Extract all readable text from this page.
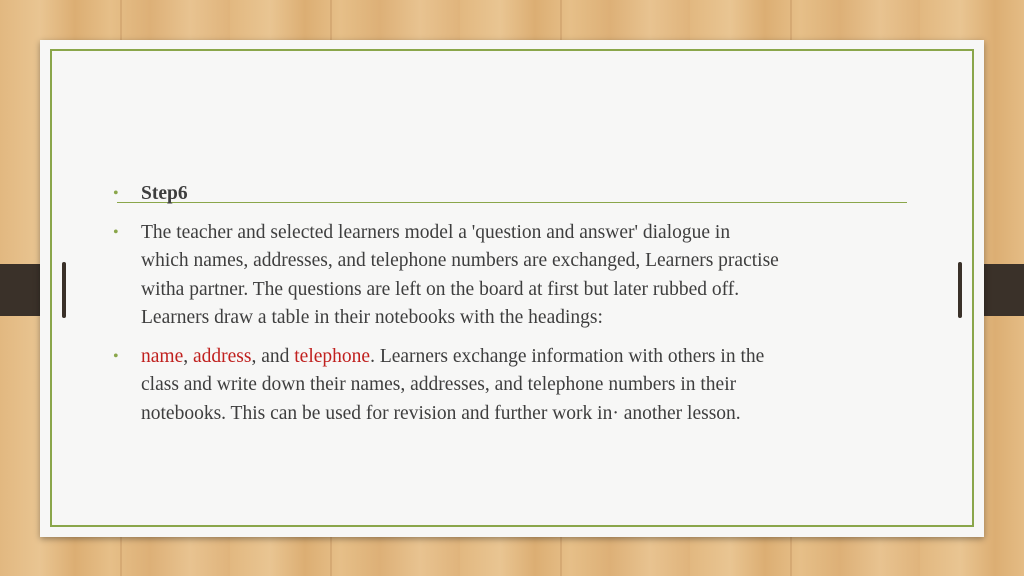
• Step6
• The teacher and selected learners model a 'question and answer' dialogue in
which names, addresses, and telephone numbers are exchanged, Learners practise
witha partner. The questions are left on the board at first but later rubbed off.
Learners draw a table in their notebooks with the headings:
• name, address, and telephone. Learners exchange information with others in the
class and write down their names, addresses, and telephone numbers in their
notebooks. This can be used for revision and further work in· another lesson.
